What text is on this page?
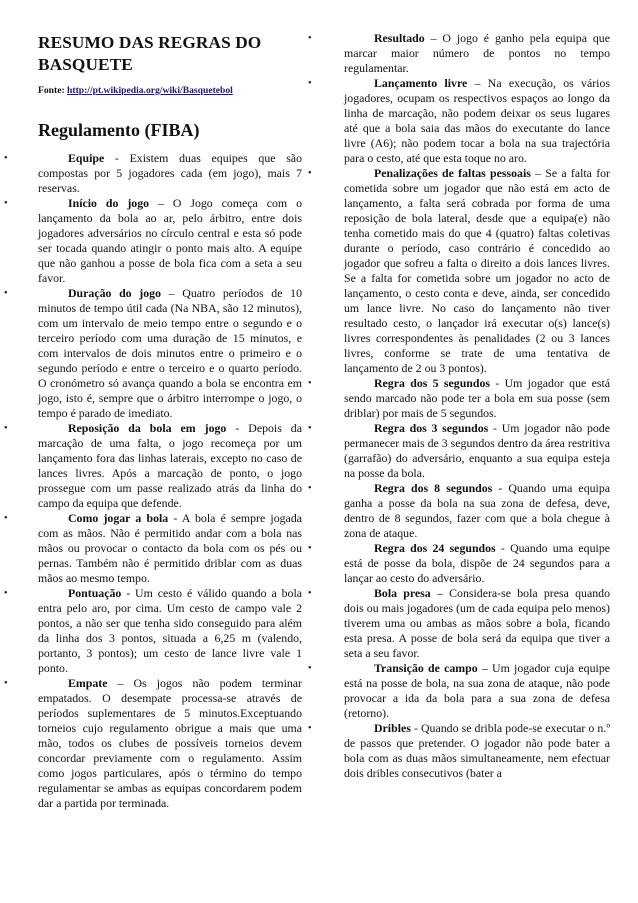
RESUMO DAS REGRAS DO BASQUETE
Fonte: http://pt.wikipedia.org/wiki/Basquetebol
Regulamento (FIBA)
•	Equipe - Existem duas equipes que são compostas por 5 jogadores cada (em jogo), mais 7 reservas.
•	Início do jogo – O Jogo começa com o lançamento da bola ao ar, pelo árbitro, entre dois jogadores adversários no círculo central e esta só pode ser tocada quando atingir o ponto mais alto. A equipe que não ganhou a posse de bola fica com a seta a seu favor.
•	Duração do jogo – Quatro períodos de 10 minutos de tempo útil cada (Na NBA, são 12 minutos), com um intervalo de meio tempo entre o segundo e o terceiro período com uma duração de 15 minutos, e com intervalos de dois minutos entre o primeiro e o segundo período e entre o terceiro e o quarto período. O cronómetro só avança quando a bola se encontra em jogo, isto é, sempre que o árbitro interrompe o jogo, o tempo é parado de imediato.
•	Reposição da bola em jogo - Depois da marcação de uma falta, o jogo recomeça por um lançamento fora das linhas laterais, excepto no caso de lances livres. Após a marcação de ponto, o jogo prossegue com um passe realizado atrás da linha do campo da equipa que defende.
•	Como jogar a bola - A bola é sempre jogada com as mãos. Não é permitido andar com a bola nas mãos ou provocar o contacto da bola com os pés ou pernas. Também não é permitido driblar com as duas mãos ao mesmo tempo.
•	Pontuação - Um cesto é válido quando a bola entra pelo aro, por cima. Um cesto de campo vale 2 pontos, a não ser que tenha sido conseguido para além da linha dos 3 pontos, situada a 6,25 m (valendo, portanto, 3 pontos); um cesto de lance livre vale 1 ponto.
•	Empate – Os jogos não podem terminar empatados. O desempate processa-se através de períodos suplementares de 5 minutos.Exceptuando torneios cujo regulamento obrigue a mais que uma mão, todos os clubes de possíveis torneios devem concordar previamente com o regulamento. Assim como jogos particulares, após o término do tempo regulamentar se ambas as equipas concordarem podem dar a partida por terminada.
•	Resultado – O jogo é ganho pela equipa que marcar maior número de pontos no tempo regulamentar.
•	Lançamento livre – Na execução, os vários jogadores, ocupam os respectivos espaços ao longo da linha de marcação, não podem deixar os seus lugares até que a bola saia das mãos do executante do lance livre (A6); não podem tocar a bola na sua trajectória para o cesto, até que esta toque no aro.
•	Penalizações de faltas pessoais – Se a falta for cometida sobre um jogador que não está em acto de lançamento, a falta será cobrada por forma de uma reposição de bola lateral, desde que a equipa(e) não tenha cometido mais do que 4 (quatro) faltas coletivas durante o período, caso contrário é concedido ao jogador que sofreu a falta o direito a dois lances livres. Se a falta for cometida sobre um jogador no acto de lançamento, o cesto conta e deve, ainda, ser concedido um lance livre. No caso do lançamento não tiver resultado cesto, o lançador irá executar o(s) lance(s) livres correspondentes às penalidades (2 ou 3 lances livres, conforme se trate de uma tentativa de lançamento de 2 ou 3 pontos).
•	Regra dos 5 segundos - Um jogador que está sendo marcado não pode ter a bola em sua posse (sem driblar) por mais de 5 segundos.
•	Regra dos 3 segundos - Um jogador não pode permanecer mais de 3 segundos dentro da área restritiva (garrafão) do adversário, enquanto a sua equipa esteja na posse da bola.
•	Regra dos 8 segundos - Quando uma equipa ganha a posse da bola na sua zona de defesa, deve, dentro de 8 segundos, fazer com que a bola chegue à zona de ataque.
•	Regra dos 24 segundos - Quando uma equipe está de posse da bola, dispõe de 24 segundos para a lançar ao cesto do adversário.
•	Bola presa – Considera-se bola presa quando dois ou mais jogadores (um de cada equipa pelo menos) tiverem uma ou ambas as mãos sobre a bola, ficando esta presa. A posse de bola será da equipa que tiver a seta a seu favor.
•	Transição de campo – Um jogador cuja equipe está na posse de bola, na sua zona de ataque, não pode provocar a ida da bola para a sua zona de defesa (retorno).
•	Dribles - Quando se dribla pode-se executar o n.º de passos que pretender. O jogador não pode bater a bola com as duas mãos simultaneamente, nem efectuar dois dribles consecutivos (bater a
